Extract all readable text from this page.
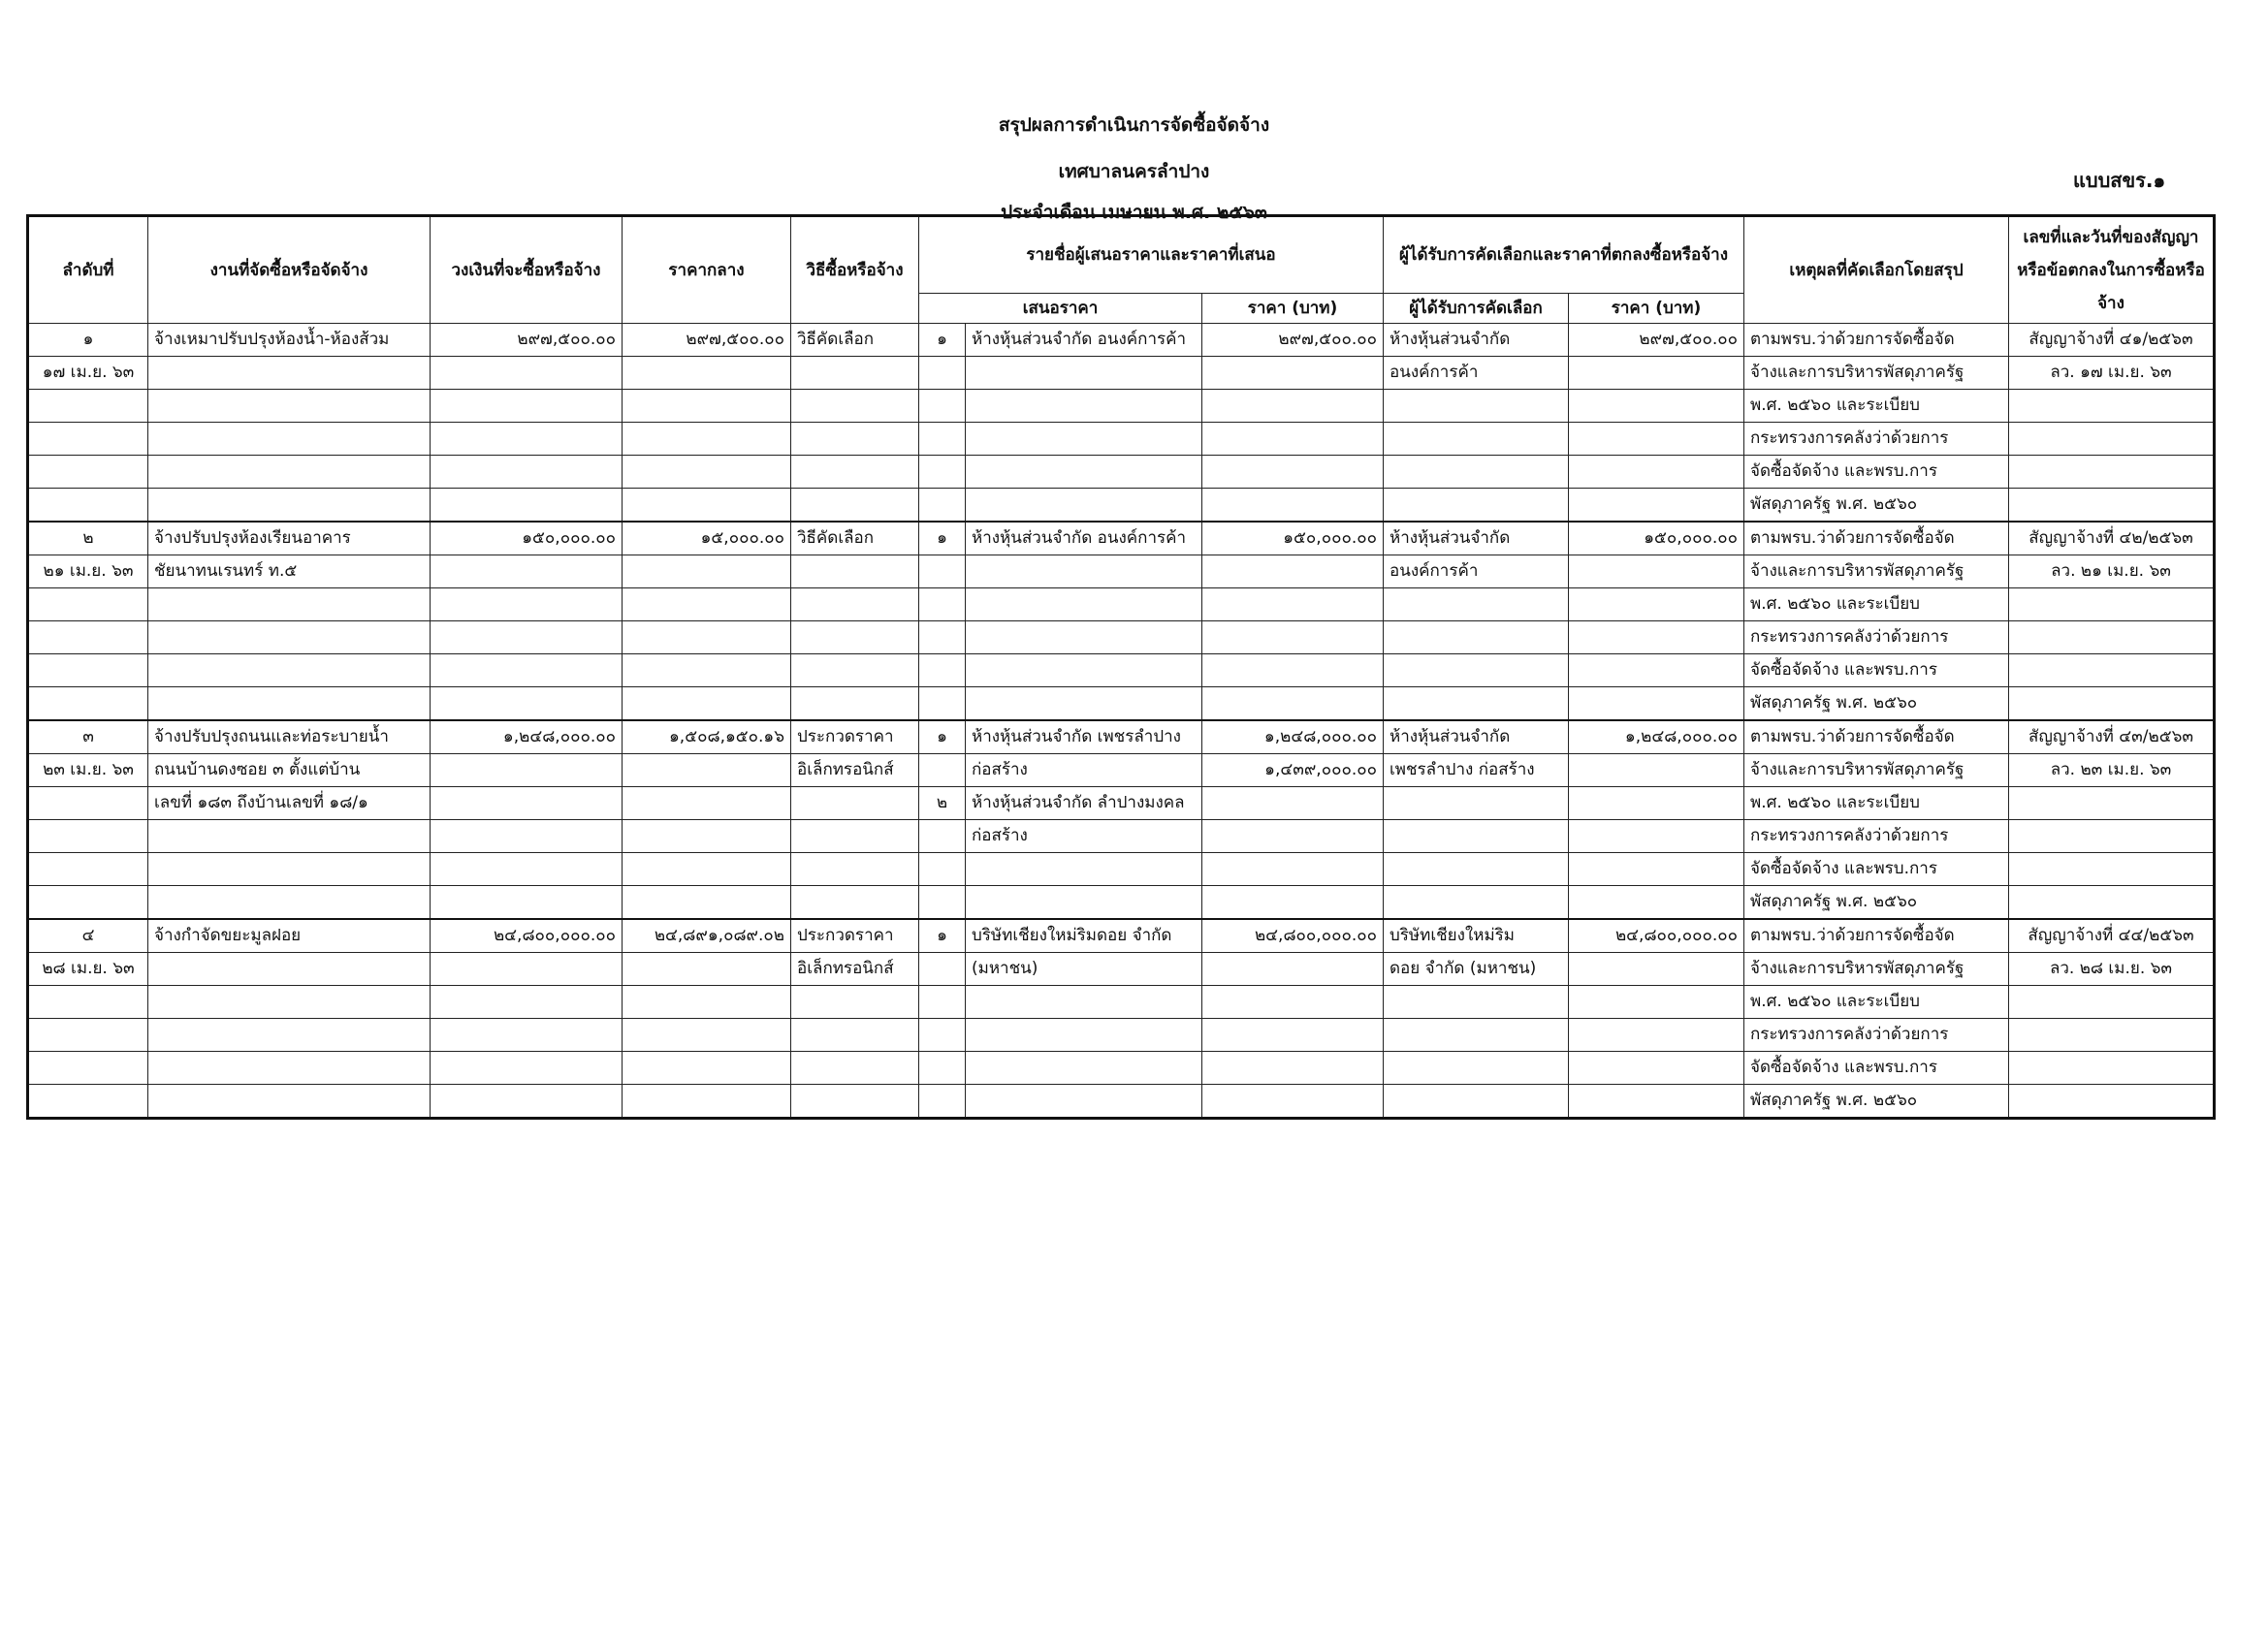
สรุปผลการดำเนินการจัดซื้อจัดจ้าง
เทศบาลนครลำปาง
ประจำเดือน เมษายน พ.ศ. ๒๕๖๓
แบบสขร.๑
ลำดับที่	งานที่จัดซื้อหรือจัดจ้าง	วงเงินที่จะซื้อหรือจ้าง	ราคากลาง	วิธีซื้อหรือจ้าง	รายชื่อผู้เสนอราคาและราคาที่เสนอ			ผู้ได้รับการคัดเลือกและราคาที่ตกลงซื้อหรือจ้าง		เหตุผลที่คัดเลือกโดยสรุป	เลขที่และวันที่ของสัญญาหรือข้อตกลงในการซื้อหรือจ้าง
					เสนอราคา		ราคา (บาท)	ผู้ได้รับการคัดเลือก	ราคา (บาท)		
๑	จ้างเหมาปรับปรุงห้องน้ำ-ห้องส้วม	๒๙๗,๕๐๐.๐๐	๒๙๗,๕๐๐.๐๐	วิธีคัดเลือก	๑	ห้างหุ้นส่วนจำกัด อนงค์การค้า	๒๙๗,๕๐๐.๐๐	ห้างหุ้นส่วนจำกัด	๒๙๗,๕๐๐.๐๐	ตามพรบ.ว่าด้วยการจัดซื้อจัด	สัญญาจ้างที่ ๔๑/๒๕๖๓
๑๗ เม.ย. ๖๓								อนงค์การค้า		จ้างและการบริหารพัสดุภาครัฐ	ลว. ๑๗ เม.ย. ๖๓
										พ.ศ. ๒๕๖๐ และระเบียบ	
										กระทรวงการคลังว่าด้วยการ	
										จัดซื้อจัดจ้าง และพรบ.การ	
										พัสดุภาครัฐ พ.ศ. ๒๕๖๐	
๒	จ้างปรับปรุงห้องเรียนอาคาร	๑๕๐,๐๐๐.๐๐	๑๕,๐๐๐.๐๐	วิธีคัดเลือก	๑	ห้างหุ้นส่วนจำกัด อนงค์การค้า	๑๕๐,๐๐๐.๐๐	ห้างหุ้นส่วนจำกัด	๑๕๐,๐๐๐.๐๐	ตามพรบ.ว่าด้วยการจัดซื้อจัด	สัญญาจ้างที่ ๔๒/๒๕๖๓
๒๑ เม.ย. ๖๓	ชัยนาทนเรนทร์ ท.๕							อนงค์การค้า		จ้างและการบริหารพัสดุภาครัฐ	ลว. ๒๑ เม.ย. ๖๓
										พ.ศ. ๒๕๖๐ และระเบียบ	
										กระทรวงการคลังว่าด้วยการ	
										จัดซื้อจัดจ้าง และพรบ.การ	
										พัสดุภาครัฐ พ.ศ. ๒๕๖๐	
๓	จ้างปรับปรุงถนนและท่อระบายน้ำ	๑,๒๔๘,๐๐๐.๐๐	๑,๕๐๘,๑๕๐.๑๖	ประกวดราคา	๑	ห้างหุ้นส่วนจำกัด เพชรลำปาง	๑,๒๔๘,๐๐๐.๐๐	ห้างหุ้นส่วนจำกัด	๑,๒๔๘,๐๐๐.๐๐	ตามพรบ.ว่าด้วยการจัดซื้อจัด	สัญญาจ้างที่ ๔๓/๒๕๖๓
๒๓ เม.ย. ๖๓	ถนนบ้านดงซอย ๓ ตั้งแต่บ้าน			อิเล็กทรอนิกส์		ก่อสร้าง	๑,๔๓๙,๐๐๐.๐๐	เพชรลำปาง ก่อสร้าง		จ้างและการบริหารพัสดุภาครัฐ	ลว. ๒๓ เม.ย. ๖๓
	เลขที่ ๑๘๓ ถึงบ้านเลขที่ ๑๘/๑				๒	ห้างหุ้นส่วนจำกัด ลำปางมงคล				พ.ศ. ๒๕๖๐ และระเบียบ	
						ก่อสร้าง				กระทรวงการคลังว่าด้วยการ	
										จัดซื้อจัดจ้าง และพรบ.การ	
										พัสดุภาครัฐ พ.ศ. ๒๕๖๐	
๔	จ้างกำจัดขยะมูลฝอย	๒๔,๘๐๐,๐๐๐.๐๐	๒๔,๘๙๑,๐๘๙.๐๒	ประกวดราคา	๑	บริษัทเชียงใหม่ริมดอย จำกัด	๒๔,๘๐๐,๐๐๐.๐๐	บริษัทเชียงใหม่ริม	๒๔,๘๐๐,๐๐๐.๐๐	ตามพรบ.ว่าด้วยการจัดซื้อจัด	สัญญาจ้างที่ ๔๔/๒๕๖๓
๒๘ เม.ย. ๖๓				อิเล็กทรอนิกส์		(มหาชน)		ดอย จำกัด (มหาชน)		จ้างและการบริหารพัสดุภาครัฐ	ลว. ๒๘ เม.ย. ๖๓
										พ.ศ. ๒๕๖๐ และระเบียบ	
										กระทรวงการคลังว่าด้วยการ	
										จัดซื้อจัดจ้าง และพรบ.การ	
										พัสดุภาครัฐ พ.ศ. ๒๕๖๐	
